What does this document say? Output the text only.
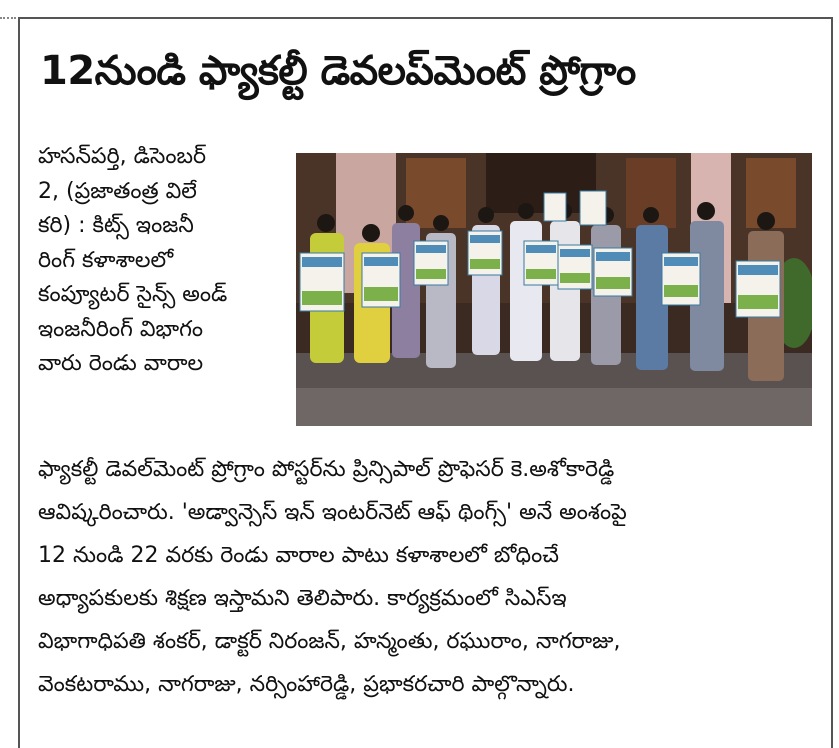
12నుండి ఫ్యాకల్టీ డెవలప్‌మెంట్ ప్రోగ్రాం
హసన్‌పర్తి, డిసెంబర్
2, (ప్రజాతంత్ర విలే
కరి) : కిట్స్ ఇంజనీ
రింగ్ కళాశాలలో
కంప్యూటర్ సైన్స్ అండ్
ఇంజనీరింగ్ విభాగం
వారు రెండు వారాల
ఫ్యాకల్టీ డెవల్‌మెంట్ ప్రోగ్రాం పోస్టర్‌ను ప్రిన్సిపాల్ ప్రొఫెసర్ కె.అశోకారెడ్డి
ఆవిష్కరించారు. 'అడ్వాన్సెస్ ఇన్ ఇంటర్‌నెట్ ఆఫ్ థింగ్స్' అనే అంశంపై
12 నుండి 22 వరకు రెండు వారాల పాటు కళాశాలలో బోధించే
అధ్యాపకులకు శిక్షణ ఇస్తామని తెలిపారు. కార్యక్రమంలో సిఎస్‌ఇ
విభాగాధిపతి శంకర్, డాక్టర్ నిరంజన్, హన్మంతు, రఘురాం, నాగరాజు,
వెంకటరాము, నాగరాజు, నర్సింహారెడ్డి, ప్రభాకరచారి పాల్గొన్నారు.
